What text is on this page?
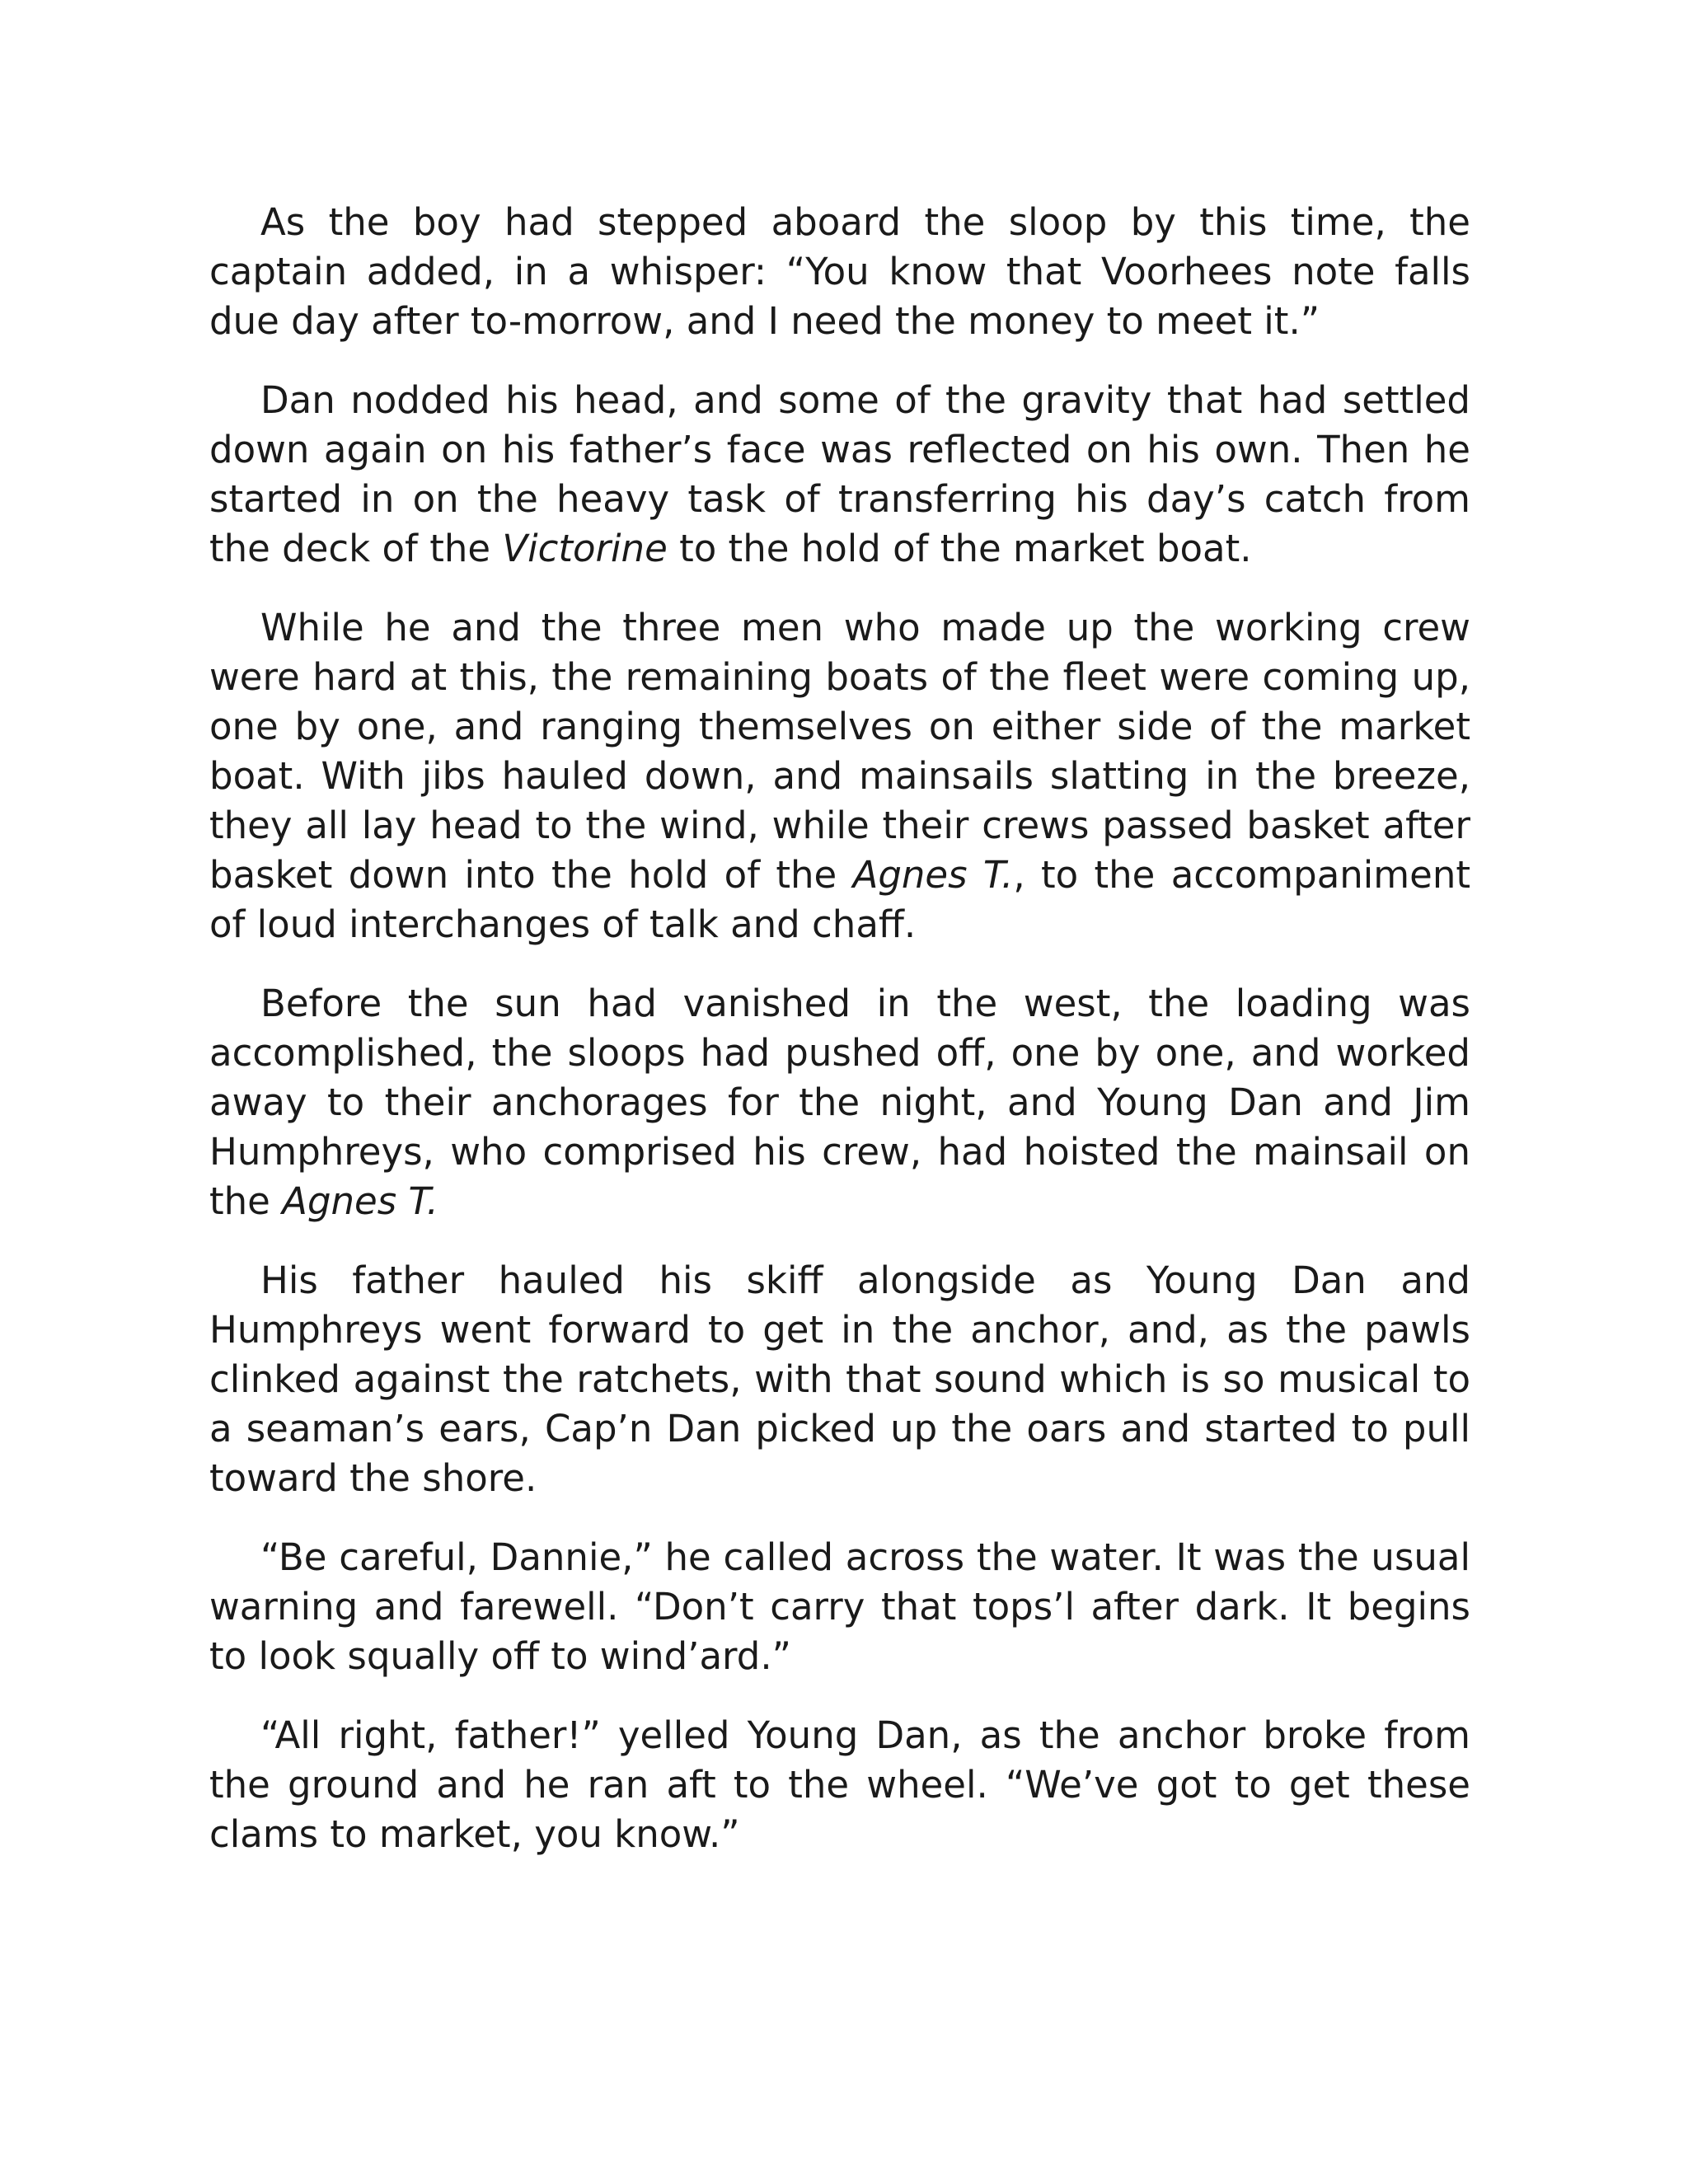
As the boy had stepped aboard the sloop by this time, the captain added, in a whisper: “You know that Voorhees note falls due day after to-morrow, and I need the money to meet it.”

Dan nodded his head, and some of the gravity that had settled down again on his father’s face was reflected on his own. Then he started in on the heavy task of transferring his day’s catch from the deck of the Victorine to the hold of the market boat.

While he and the three men who made up the working crew were hard at this, the remaining boats of the fleet were coming up, one by one, and ranging themselves on either side of the market boat. With jibs hauled down, and mainsails slatting in the breeze, they all lay head to the wind, while their crews passed basket after basket down into the hold of the Agnes T., to the accompaniment of loud interchanges of talk and chaff.

Before the sun had vanished in the west, the loading was accomplished, the sloops had pushed off, one by one, and worked away to their anchorages for the night, and Young Dan and Jim Humphreys, who comprised his crew, had hoisted the mainsail on the Agnes T.

His father hauled his skiff alongside as Young Dan and Humphreys went forward to get in the anchor, and, as the pawls clinked against the ratchets, with that sound which is so musical to a seaman’s ears, Cap’n Dan picked up the oars and started to pull toward the shore.

“Be careful, Dannie,” he called across the water. It was the usual warning and farewell. “Don’t carry that tops’l after dark. It begins to look squally off to wind’ard.”

“All right, father!” yelled Young Dan, as the anchor broke from the ground and he ran aft to the wheel. “We’ve got to get these clams to market, you know.”
